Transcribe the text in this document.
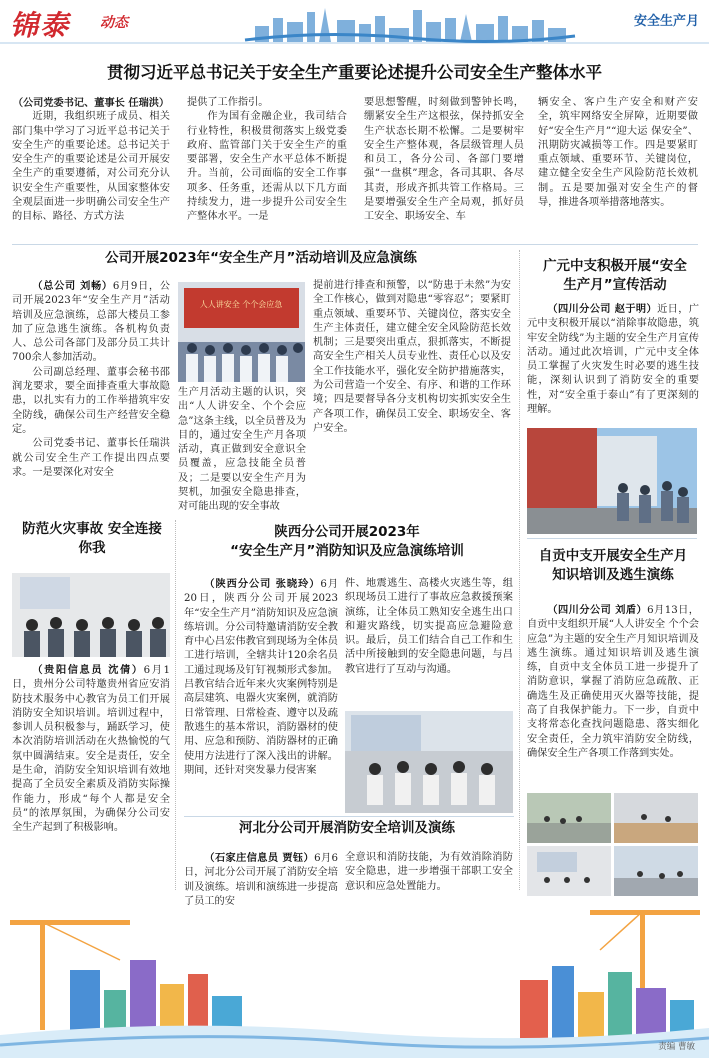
锦泰 动态	安全生产月
贯彻习近平总书记关于安全生产重要论述提升公司安全生产整体水平
（公司党委书记、董事长 任瑞洪）

近期，我组织班子成员、相关部门集中学习了习近平总书记关于安全生产的重要论述。总书记关于安全生产的重要论述是公司开展安全生产的重要遵循，对公司充分认识安全生产重要性，从国家整体安全观层面进一步明确公司安全生产的目标、路径、方式方法

提供了工作指引。

作为国有金融企业，我司结合行业特性，积极贯彻落实上级党委政府、监管部门关于安全生产的重要部署，安全生产水平总体不断提升。当前，公司面临的安全工作事项多、任务重，还需从以下几方面持续发力，进一步提升公司安全生产整体水平。一是

要思想警醒，时刻做到警钟长鸣，绷紧安全生产这根弦，保持抓安全生产状态长期不松懈。二是要树牢安全生产整体观，各层级管理人员和员工，各分公司、各部门要增强“一盘棋”理念，各司其职、各尽其责，形成齐抓共管工作格局。三是要增强安全生产全局观，抓好员工安全、职场安全、车
辆安全、客户生产安全和财产安全，筑牢网络安全屏障，近期要做好“安全生产月”“迎大运 保安全”、汛期防灾减损等工作。四是要紧盯重点领域、重要环节、关键岗位，建立健全安全生产风险防范长效机制。五是要加强对安全生产的督导，推进各项举措落地落实。
公司开展2023年“安全生产月”活动培训及应急演练

（总公司 刘畅）6月9日，公司开展2023年“安全生产月”活动培训及应急演练，总部大楼员工参加了应急逃生演练。各机构负责人、总公司各部门及部分员工共计700余人参加活动。

公司副总经理、董事会秘书邵润龙要求，要全面排查重大事故隐患，以扎实有力的工作举措筑牢安全防线，确保公司生产经营安全稳定。

公司党委书记、董事长任瑞洪就公司安全生产工作提出四点要求。一是要深化对安全

人人讲安全 个个会应急
生产月活动主题的认识，突出“人人讲安全、个个会应急”这条主线，以全员普及为目的，通过安全生产月各项活动，真正做到安全意识全员覆盖，应急技能全员普及；二是要以安全生产月为契机，加强安全隐患排查，对可能出现的安全事故
提前进行排查和预警，以“防患于未然”为安全工作核心，做到对隐患“零容忍”；要紧盯重点领域、重要环节、关键岗位，落实安全生产主体责任，建立健全安全风险防范长效机制；三是要突出重点，狠抓落实，不断提高安全生产相关人员专业性、责任心以及安全工作技能水平，强化安全防护措施落实，为公司营造一个安全、有序、和谐的工作环境；四是要督导各分支机构切实抓实安全生产各项工作，确保员工安全、职场安全、客户安全。
广元中支积极开展“安全生产月”宣传活动

（四川分公司 赵于明）近日，广元中支积极开展以“消除事故隐患，筑牢安全防线”为主题的安全生产月宣传活动。通过此次培训，广元中支全体员工掌握了火灾发生时必要的逃生技能，深刻认识到了消防安全的重要性，对“安全重于泰山”有了更深刻的理解。

防范火灾事故 安全连接你我

（贵阳信息员 沈倩）6月1日，贵州分公司特邀贵州省应安消防技术服务中心教官为员工们开展消防安全知识培训。培训过程中，参训人员积极参与，踊跃学习，使本次消防培训活动在火热愉悦的气氛中圆满结束。安全是责任，安全是生命，消防安全知识培训有效地提高了全员安全素质及消防实际操作能力，形成“每个人都是安全员”的浓厚氛围，为确保分公司安全生产起到了积极影响。

陕西分公司开展2023年
“安全生产月”消防知识及应急演练培训

（陕西分公司 张晓玲）6月20日，陕西分公司开展2023年“安全生产月”消防知识及应急演练培训。分公司特邀请消防安全教育中心吕宏伟教官到现场为全体员工进行培训，全辖共计120余名员工通过现场及钉钉视频形式参加。吕教官结合近年来火灾案例特别是高层建筑、电器火灾案例，就消防日常管理、日常检查、遵守以及疏散逃生的基本常识，消防器材的使用、应急和预防、消防器材的正确使用方法进行了深入浅出的讲解。期间，还针对突发暴力侵害案

件、地震逃生、高楼火灾逃生等，组织现场员工进行了事故应急救援预案演练，让全体员工熟知安全逃生出口和避灾路线，切实提高应急避险意识。最后，员工们结合自己工作和生活中所接触到的安全隐患问题，与吕教官进行了互动与沟通。
河北分公司开展消防安全培训及演练

（石家庄信息员 贾钰）6月6日，河北分公司开展了消防安全培训及演练。培训和演练进一步提高了员工的安

全意识和消防技能，为有效消除消防安全隐患，进一步增强干部职工安全意识和应急处置能力。
自贡中支开展安全生产月
知识培训及逃生演练

（四川分公司 刘盾）6月13日，自贡中支组织开展“人人讲安全 个个会应急”为主题的安全生产月知识培训及逃生演练。通过知识培训及逃生演练，自贡中支全体员工进一步提升了消防意识，掌握了消防应急疏散、正确选生及正确使用灭火器等技能，提高了自我保护能力。下一步，自贡中支将常态化查找问题隐患、落实细化安全责任，全力筑牢消防安全防线，确保安全生产各项工作落到实处。

责编 曹敏
